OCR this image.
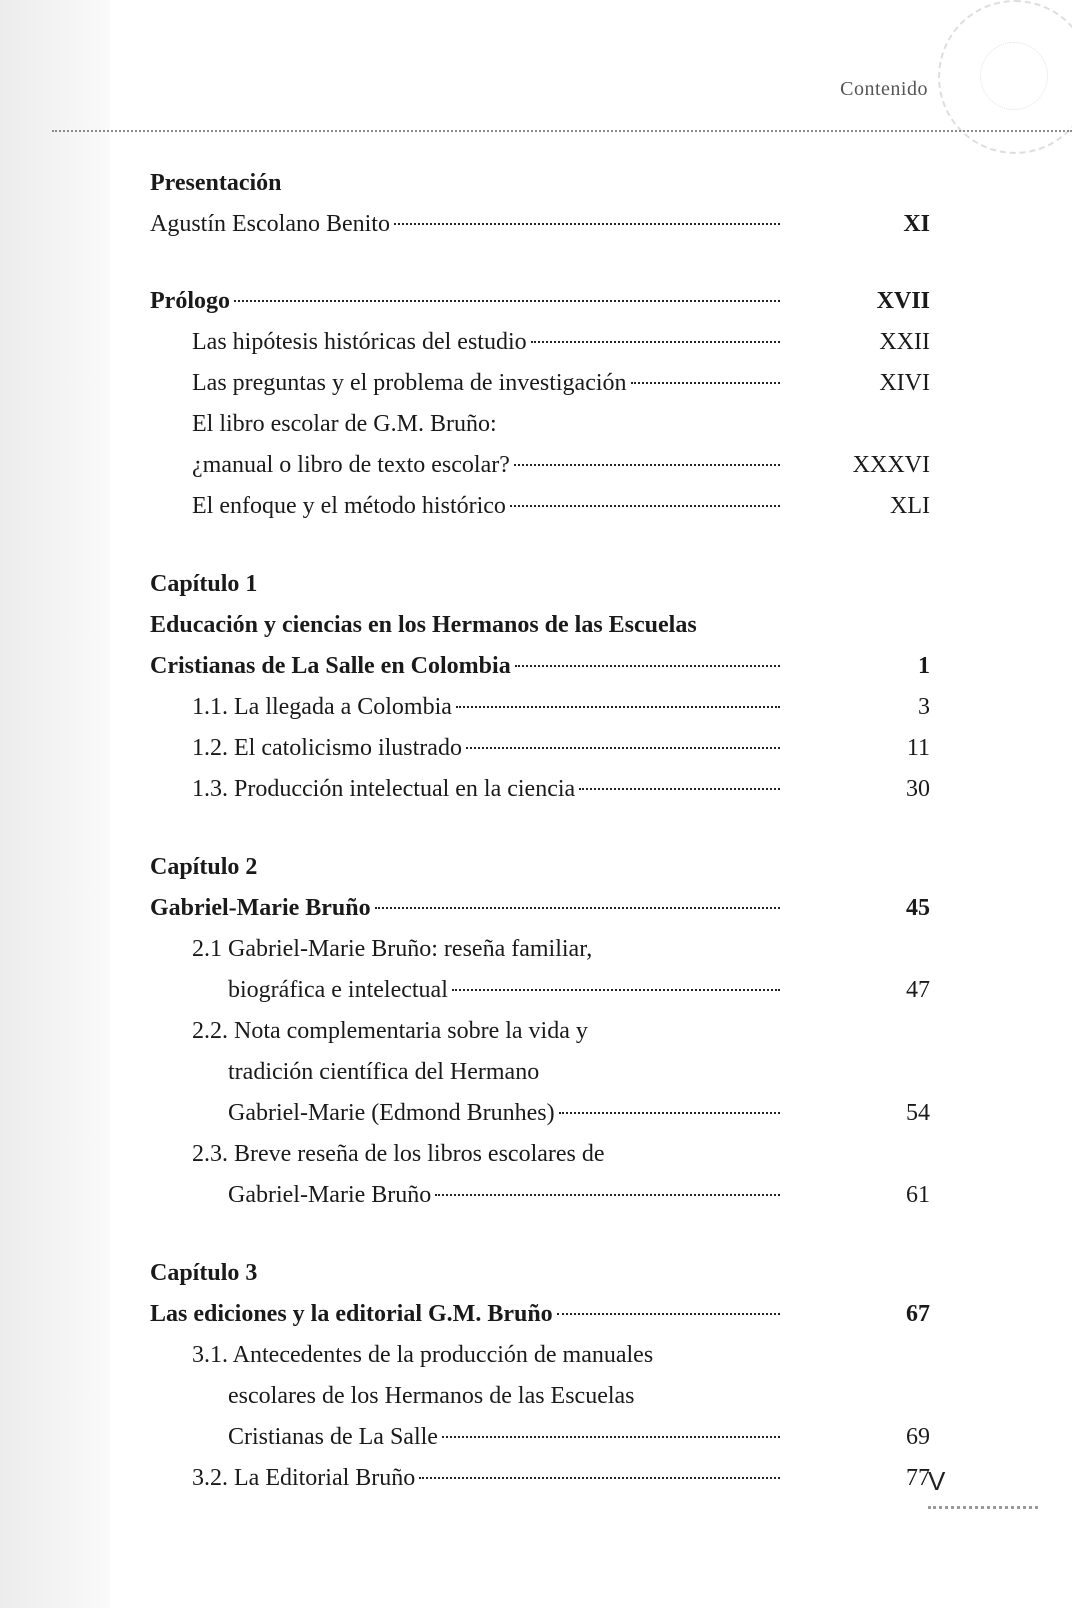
Contenido
Presentación
Agustín Escolano Benito	XI
Prólogo	XVII
Las hipótesis históricas del estudio	XXII
Las preguntas y el problema de investigación	XIVI
El libro escolar de G.M. Bruño:
¿manual o libro de texto escolar?	XXXVI
El enfoque y el método histórico	XLI
Capítulo 1
Educación y ciencias en los Hermanos de las Escuelas
Cristianas de La Salle en Colombia	1
1.1. La llegada a Colombia	3
1.2. El catolicismo ilustrado	11
1.3. Producción intelectual en la ciencia	30
Capítulo 2
Gabriel-Marie Bruño	45
2.1 Gabriel-Marie Bruño: reseña familiar,
biográfica e intelectual	47
2.2. Nota complementaria sobre la vida y
tradición científica del Hermano
Gabriel-Marie (Edmond Brunhes)	54
2.3. Breve reseña de los libros escolares de
Gabriel-Marie Bruño	61
Capítulo 3
Las ediciones y la editorial G.M. Bruño	67
3.1. Antecedentes de la producción de manuales
escolares de los Hermanos de las Escuelas
Cristianas de La Salle	69
3.2. La Editorial Bruño	77
V
